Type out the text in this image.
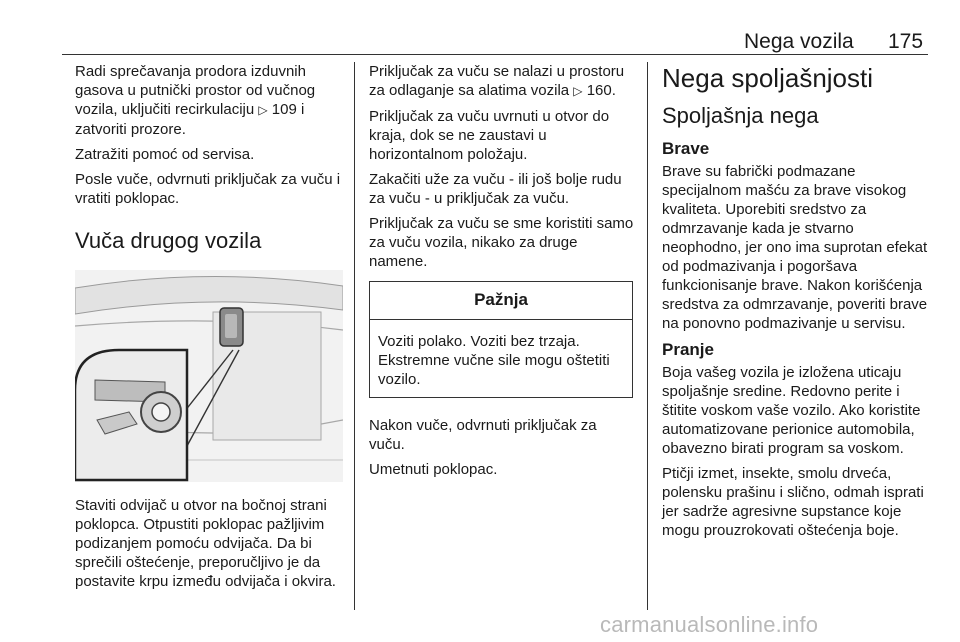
Nega vozila 175

Radi sprečavanja prodora izduvnih gasova u putnički prostor od vučnog vozila, uključiti recirkulaciju ▷ 109 i zatvoriti prozore.

Zatražiti pomoć od servisa.

Posle vuče, odvrnuti priključak za vuču i vratiti poklopac.

Vuča drugog vozila

Staviti odvijač u otvor na bočnoj strani poklopca. Otpustiti poklopac pažljivim podizanjem pomoću odvijača. Da bi sprečili oštećenje, preporučljivo je da postavite krpu između odvijača i okvira.

Priključak za vuču se nalazi u prostoru za odlaganje sa alatima vozila ▷ 160.

Priključak za vuču uvrnuti u otvor do kraja, dok se ne zaustavi u horizontalnom položaju.

Zakačiti uže za vuču - ili još bolje rudu za vuču - u priključak za vuču.

Priključak za vuču se sme koristiti samo za vuču vozila, nikako za druge namene.

Pažnja
Voziti polako. Voziti bez trzaja. Ekstremne vučne sile mogu oštetiti vozilo.

Nakon vuče, odvrnuti priključak za vuču.

Umetnuti poklopac.

Nega spoljašnjosti
Spoljašnja nega
Brave

Brave su fabrički podmazane specijalnom mašću za brave visokog kvaliteta. Uporebiti sredstvo za odmrzavanje kada je stvarno neophodno, jer ono ima suprotan efekat od podmazivanja i pogoršava funkcionisanje brave. Nakon korišćenja sredstva za odmrzavanje, poveriti brave na ponovno podmazivanje u servisu.

Pranje

Boja vašeg vozila je izložena uticaju spoljašnje sredine. Redovno perite i štitite voskom vaše vozilo. Ako koristite automatizovane perionice automobila, obavezno birati program sa voskom.

Ptičji izmet, insekte, smolu drveća, polensku prašinu i slično, odmah isprati jer sadrže agresivne supstance koje mogu prouzrokovati oštećenja boje.

carmanualsonline.info
